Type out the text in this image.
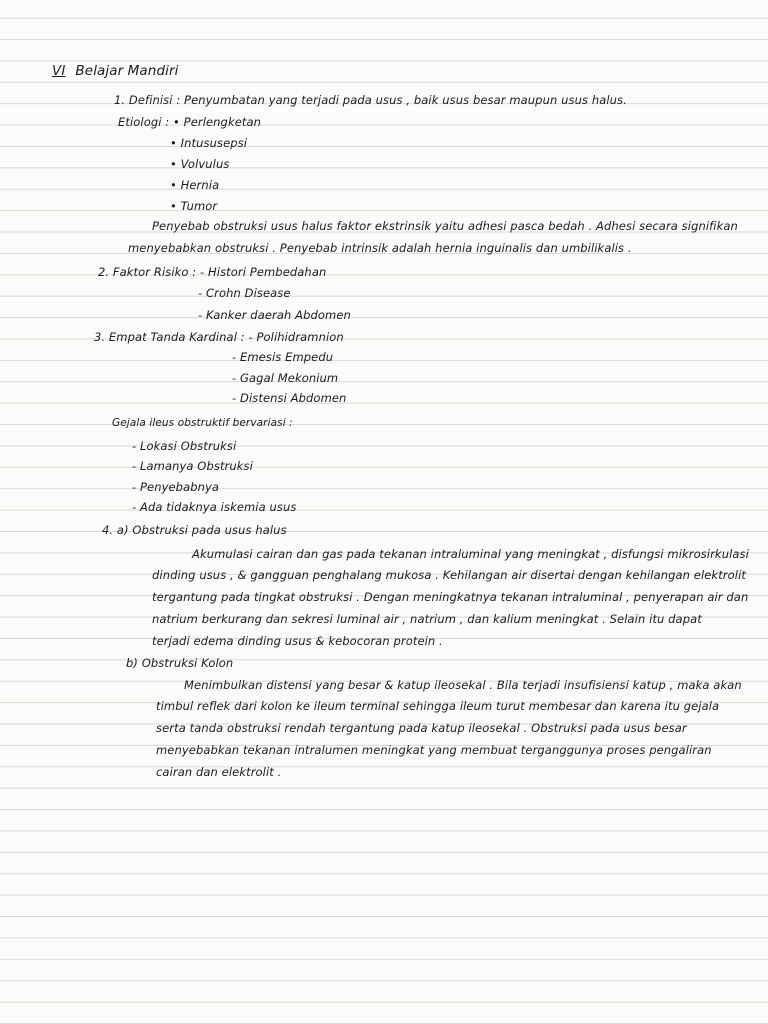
VI Belajar Mandiri
1. Definisi : Penyumbatan yang terjadi pada usus , baik usus besar maupun usus halus.
Etiologi : • Perlengketan
• Intususepsi
• Volvulus
• Hernia
• Tumor
Penyebab obstruksi usus halus faktor ekstrinsik yaitu adhesi pasca bedah . Adhesi secara signifikan
menyebabkan obstruksi . Penyebab intrinsik adalah hernia inguinalis dan umbilikalis .
2. Faktor Risiko : - Histori Pembedahan
- Crohn Disease
- Kanker daerah Abdomen
3. Empat Tanda Kardinal : - Polihidramnion
- Emesis Empedu
- Gagal Mekonium
- Distensi Abdomen
Gejala ileus obstruktif bervariasi :
- Lokasi Obstruksi
- Lamanya Obstruksi
- Penyebabnya
- Ada tidaknya iskemia usus
4. a) Obstruksi pada usus halus
Akumulasi cairan dan gas pada tekanan intraluminal yang meningkat , disfungsi mikrosirkulasi
dinding usus , & gangguan penghalang mukosa . Kehilangan air disertai dengan kehilangan elektrolit
tergantung pada tingkat obstruksi . Dengan meningkatnya tekanan intraluminal , penyerapan air dan
natrium berkurang dan sekresi luminal air , natrium , dan kalium meningkat . Selain itu dapat
terjadi edema dinding usus & kebocoran protein .
b) Obstruksi Kolon
Menimbulkan distensi yang besar & katup ileosekal . Bila terjadi insufisiensi katup , maka akan
timbul reflek dari kolon ke ileum terminal sehingga ileum turut membesar dan karena itu gejala
serta tanda obstruksi rendah tergantung pada katup ileosekal . Obstruksi pada usus besar
menyebabkan tekanan intralumen meningkat yang membuat terganggunya proses pengaliran
cairan dan elektrolit .
